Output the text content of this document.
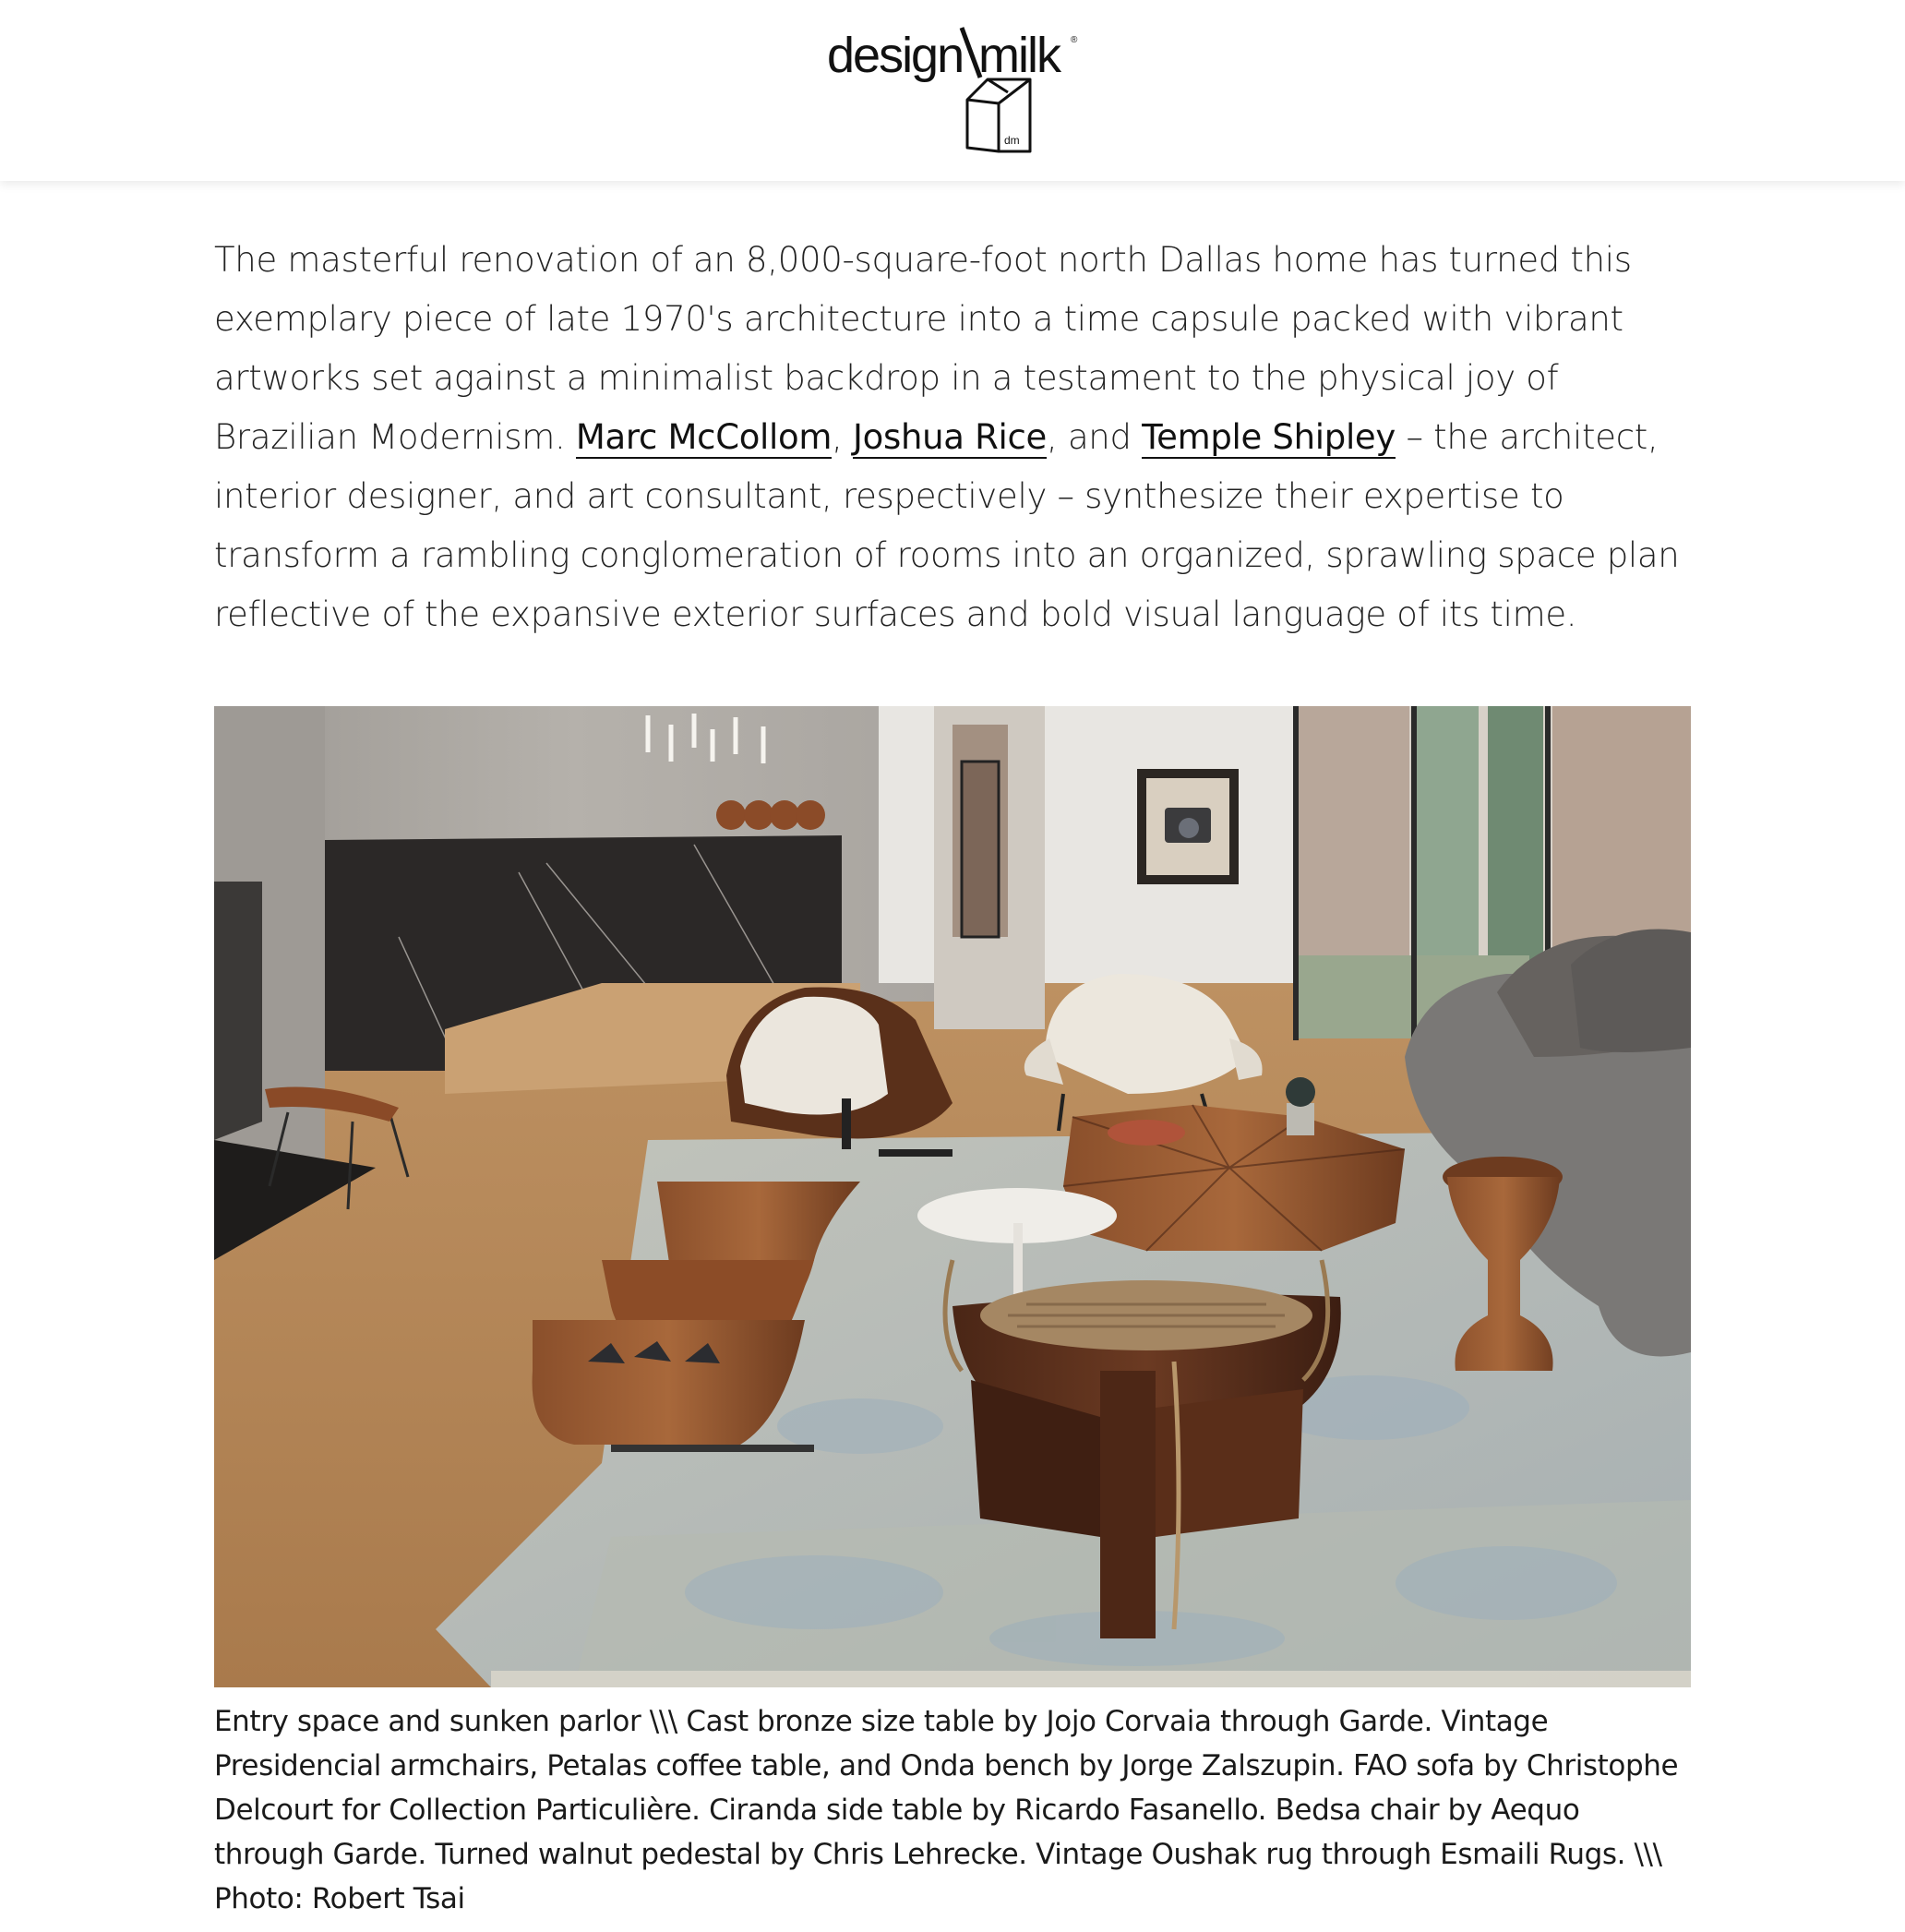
design milk ®
dm

The masterful renovation of an 8,000-square-foot north Dallas home has turned this exemplary piece of late 1970's architecture into a time capsule packed with vibrant artworks set against a minimalist backdrop in a testament to the physical joy of Brazilian Modernism. Marc McCollom, Joshua Rice, and Temple Shipley – the architect, interior designer, and art consultant, respectively – synthesize their expertise to transform a rambling conglomeration of rooms into an organized, sprawling space plan reflective of the expansive exterior surfaces and bold visual language of its time.

Entry space and sunken parlor \\\ Cast bronze size table by Jojo Corvaia through Garde. Vintage Presidencial armchairs, Petalas coffee table, and Onda bench by Jorge Zalszupin. FAO sofa by Christophe Delcourt for Collection Particulière. Ciranda side table by Ricardo Fasanello. Bedsa chair by Aequo through Garde. Turned walnut pedestal by Chris Lehrecke. Vintage Oushak rug through Esmaili Rugs. \\\ Photo: Robert Tsai
